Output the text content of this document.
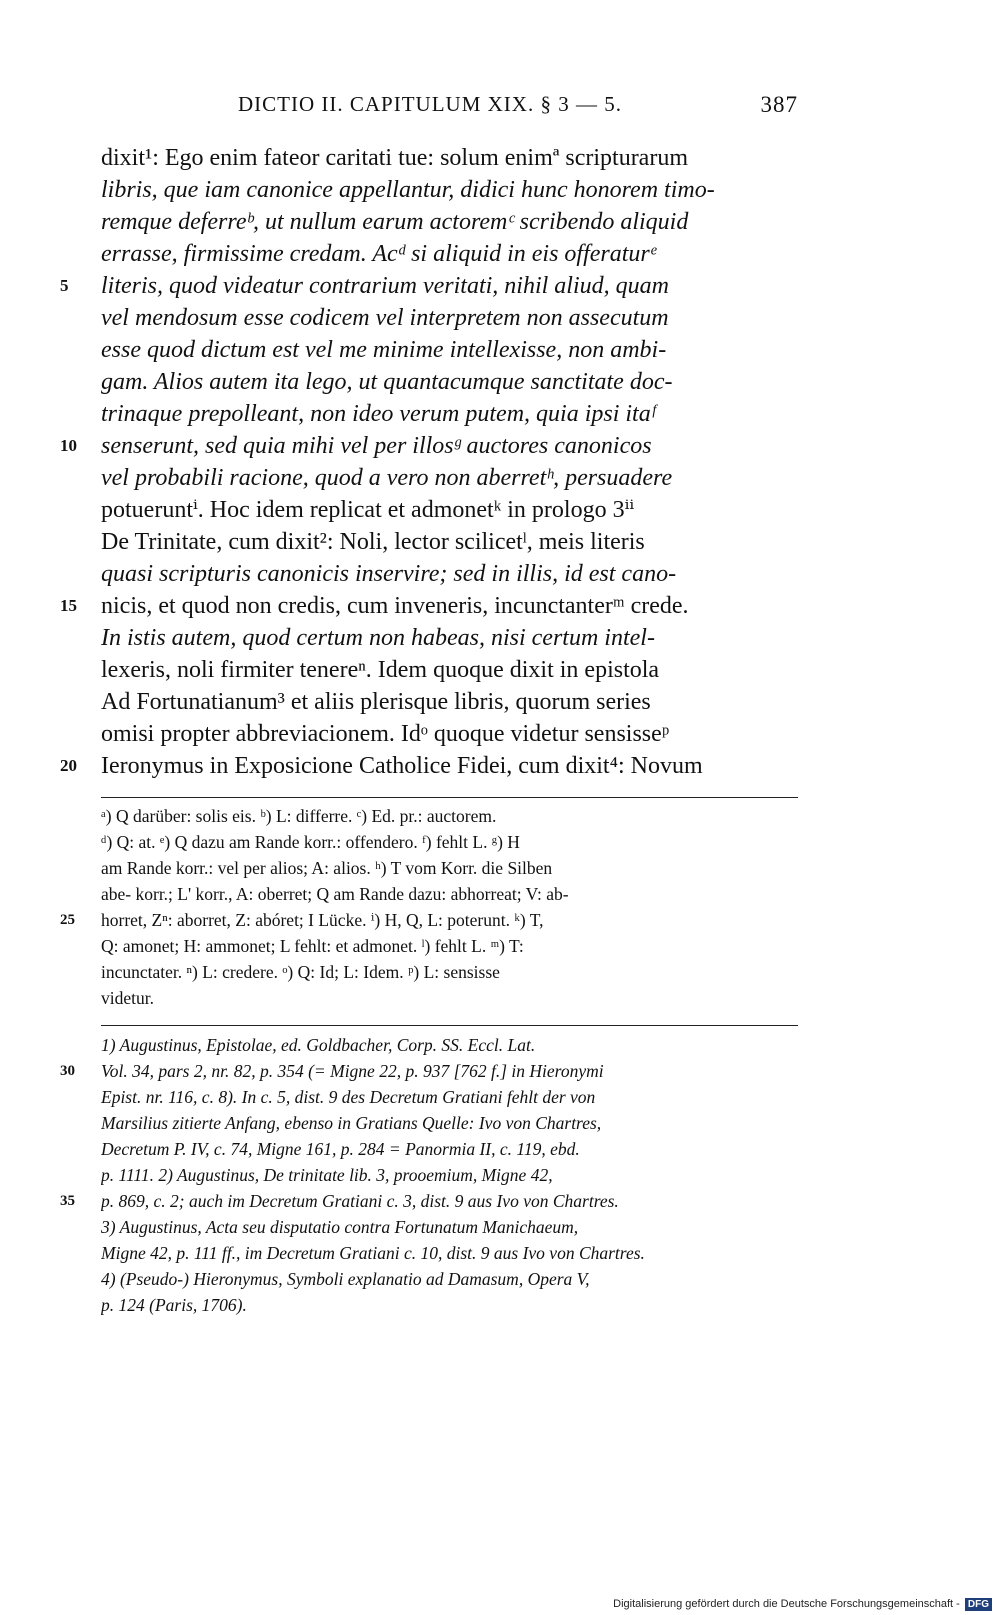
DICTIO II. CAPITULUM XIX. § 3 — 5.	387
dixit¹: Ego enim fateor caritati tue: solum enimª scripturarum
libris, que iam canonice appellantur, didici hunc honorem timo-
remque deferreᵇ, ut nullum earum actoremᶜ scribendo aliquid
errasse, firmissime credam. Acᵈ si aliquid in eis offeraturᵉ
literis, quod videatur contrarium veritati, nihil aliud, quam
vel mendosum esse codicem vel interpretem non assecutum
esse quod dictum est vel me minime intellexisse, non ambi-
gam. Alios autem ita lego, ut quantacumque sanctitate doc-
trinaque prepolleant, non ideo verum putem, quia ipsi itaᶠ
senserunt, sed quia mihi vel per illosᵍ auctores canonicos
vel probabili racione, quod a vero non aberretʰ, persuadere
potueruntⁱ. Hoc idem replicat et admonetᵏ in prologo 3ⁱⁱ
De Trinitate, cum dixit²: Noli, lector scilicetˡ, meis literis
quasi scripturis canonicis inservire; sed in illis, id est cano-
nicis, et quod non credis, cum inveneris, incunctanterᵐ crede.
In istis autem, quod certum non habeas, nisi certum intel-
lexeris, noli firmiter tenereⁿ. Idem quoque dixit in epistola
Ad Fortunatianum³ et aliis plerisque libris, quorum series
omisi propter abbreviacionem. Idᵒ quoque videtur sensisseᵖ
Ieronymus in Exposicione Catholice Fidei, cum dixit⁴: Novum
5
10
15
20
ᵃ) Q darüber: solis eis. ᵇ) L: differre. ᶜ) Ed. pr.: auctorem.
ᵈ) Q: at. ᵉ) Q dazu am Rande korr.: offendero. ᶠ) fehlt L. ᵍ) H
am Rande korr.: vel per alios; A: alios. ʰ) T vom Korr. die Silben
abe- korr.; L' korr., A: oberret; Q am Rande dazu: abhorreat; V: ab-
horret, Zⁿ: aborret, Z: abóret; I Lücke. ⁱ) H, Q, L: poterunt. ᵏ) T,
Q: amonet; H: ammonet; L fehlt: et admonet. ˡ) fehlt L. ᵐ) T:
incunctater. ⁿ) L: credere. ᵒ) Q: Id; L: Idem. ᵖ) L: sensisse
videtur.
25
1) Augustinus, Epistolae, ed. Goldbacher, Corp. SS. Eccl. Lat.
Vol. 34, pars 2, nr. 82, p. 354 (= Migne 22, p. 937 [762 f.] in Hieronymi
Epist. nr. 116, c. 8). In c. 5, dist. 9 des Decretum Gratiani fehlt der von
Marsilius zitierte Anfang, ebenso in Gratians Quelle: Ivo von Chartres,
Decretum P. IV, c. 74, Migne 161, p. 284 = Panormia II, c. 119, ebd.
p. 1111. 2) Augustinus, De trinitate lib. 3, prooemium, Migne 42,
p. 869, c. 2; auch im Decretum Gratiani c. 3, dist. 9 aus Ivo von Chartres.
3) Augustinus, Acta seu disputatio contra Fortunatum Manichaeum,
Migne 42, p. 111 ff., im Decretum Gratiani c. 10, dist. 9 aus Ivo von Chartres.
4) (Pseudo-) Hieronymus, Symboli explanatio ad Damasum, Opera V,
p. 124 (Paris, 1706).
30
35
Digitalisierung gefördert durch die Deutsche Forschungsgemeinschaft - DFG
